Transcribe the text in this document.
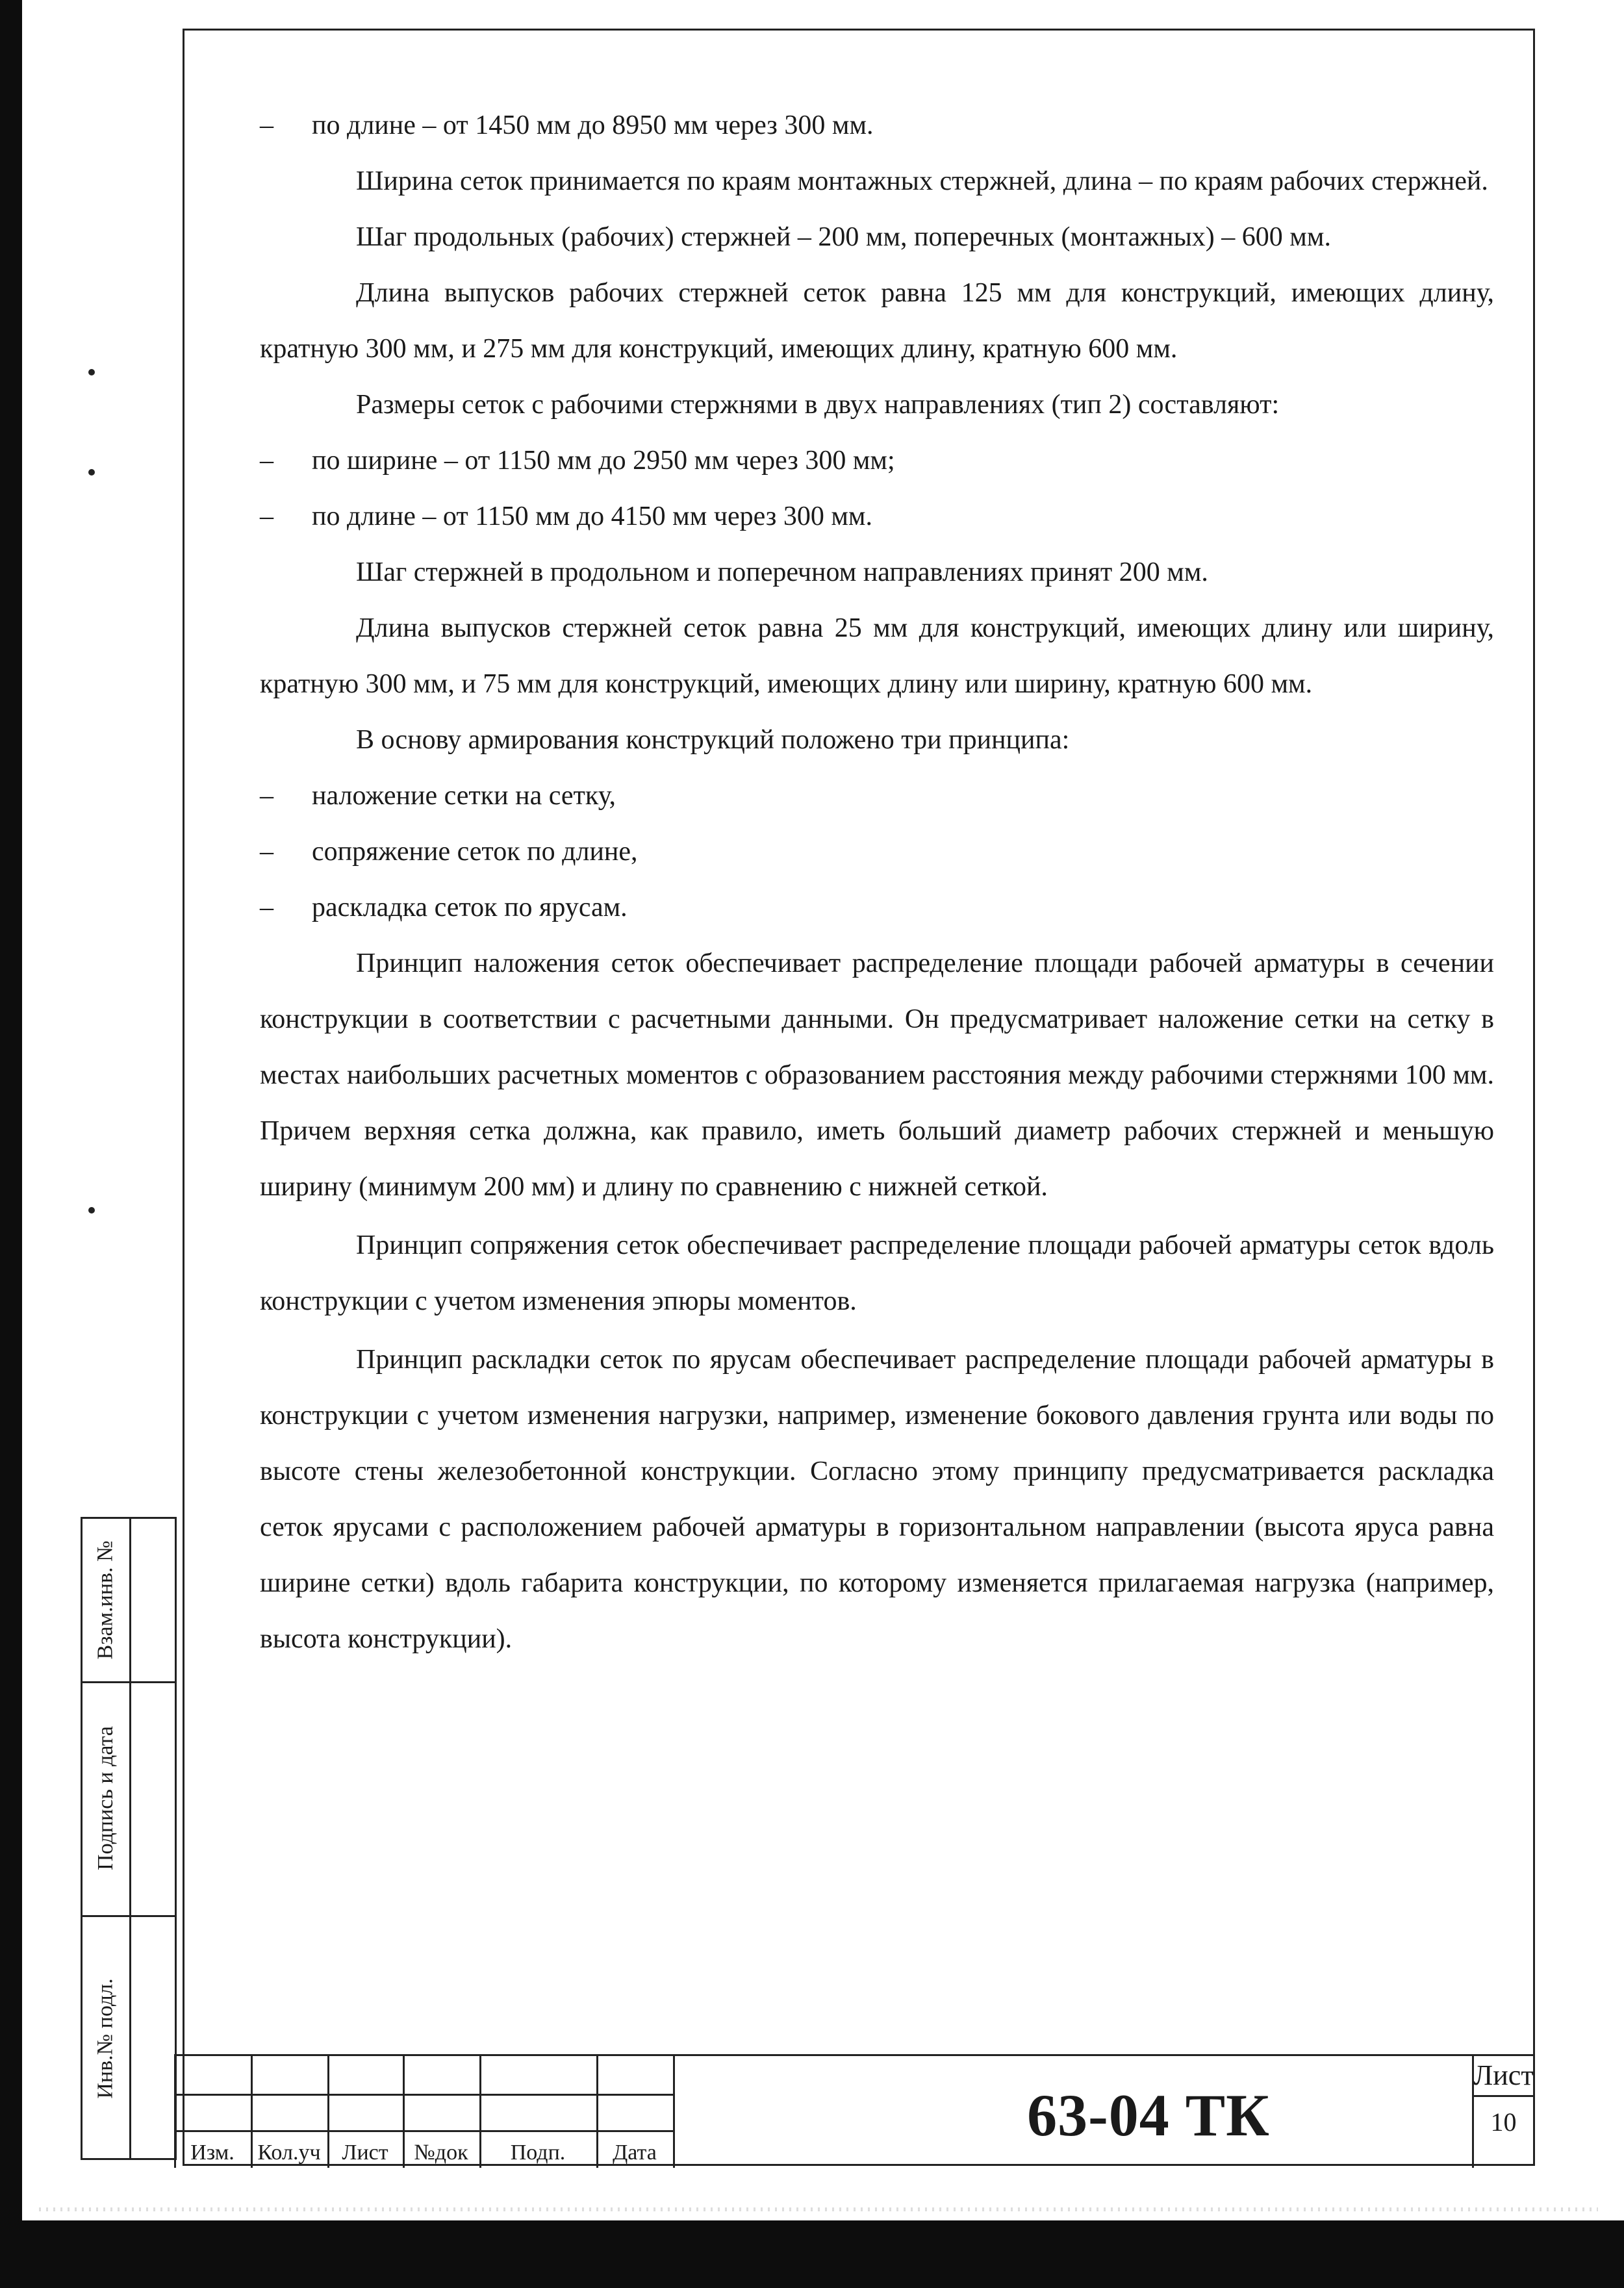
– по длине – от 1450 мм до 8950 мм через 300 мм.

Ширина сеток принимается по краям монтажных стержней, длина – по краям рабочих стержней.

Шаг продольных (рабочих) стержней – 200 мм, поперечных (монтажных) – 600 мм.

Длина выпусков рабочих стержней сеток равна 125 мм для конструкций, имеющих длину, кратную 300 мм, и 275 мм для конструкций, имеющих длину, кратную 600 мм.

Размеры сеток с рабочими стержнями в двух направлениях (тип 2) составляют:

– по ширине – от 1150 мм до 2950 мм через 300 мм;

– по длине – от 1150 мм до 4150 мм через 300 мм.

Шаг стержней в продольном и поперечном направлениях принят 200 мм.

Длина выпусков стержней сеток равна 25 мм для конструкций, имеющих длину или ширину, кратную 300 мм, и 75 мм для конструкций, имеющих длину или ширину, кратную 600 мм.

В основу армирования конструкций положено три принципа:

– наложение сетки на сетку,

– сопряжение сеток по длине,

– раскладка сеток по ярусам.

Принцип наложения сеток обеспечивает распределение площади рабочей арматуры в сечении конструкции в соответствии с расчетными данными. Он предусматривает наложение сетки на сетку в местах наибольших расчетных моментов с образованием расстояния между рабочими стержнями 100 мм. Причем верхняя сетка должна, как правило, иметь больший диаметр рабочих стержней и меньшую ширину (минимум 200 мм) и длину по сравнению с нижней сеткой.

Принцип сопряжения сеток обеспечивает распределение площади рабочей арматуры сеток вдоль конструкции с учетом изменения эпюры моментов.

Принцип раскладки сеток по ярусам обеспечивает распределение площади рабочей арматуры в конструкции с учетом изменения нагрузки, например, изменение бокового давления грунта или воды по высоте стены железобетонной конструкции. Согласно этому принципу предусматривается раскладка сеток ярусами с расположением рабочей арматуры в горизонтальном направлении (высота яруса равна ширине сетки) вдоль габарита конструкции, по которому изменяется прилагаемая нагрузка (например, высота конструкции).

Взам.инв. №
Подпись и дата
Инв.№ подл.
Изм.	Кол.уч Лист	№док	Подп.	Дата
63-04 ТК
Лист
10
